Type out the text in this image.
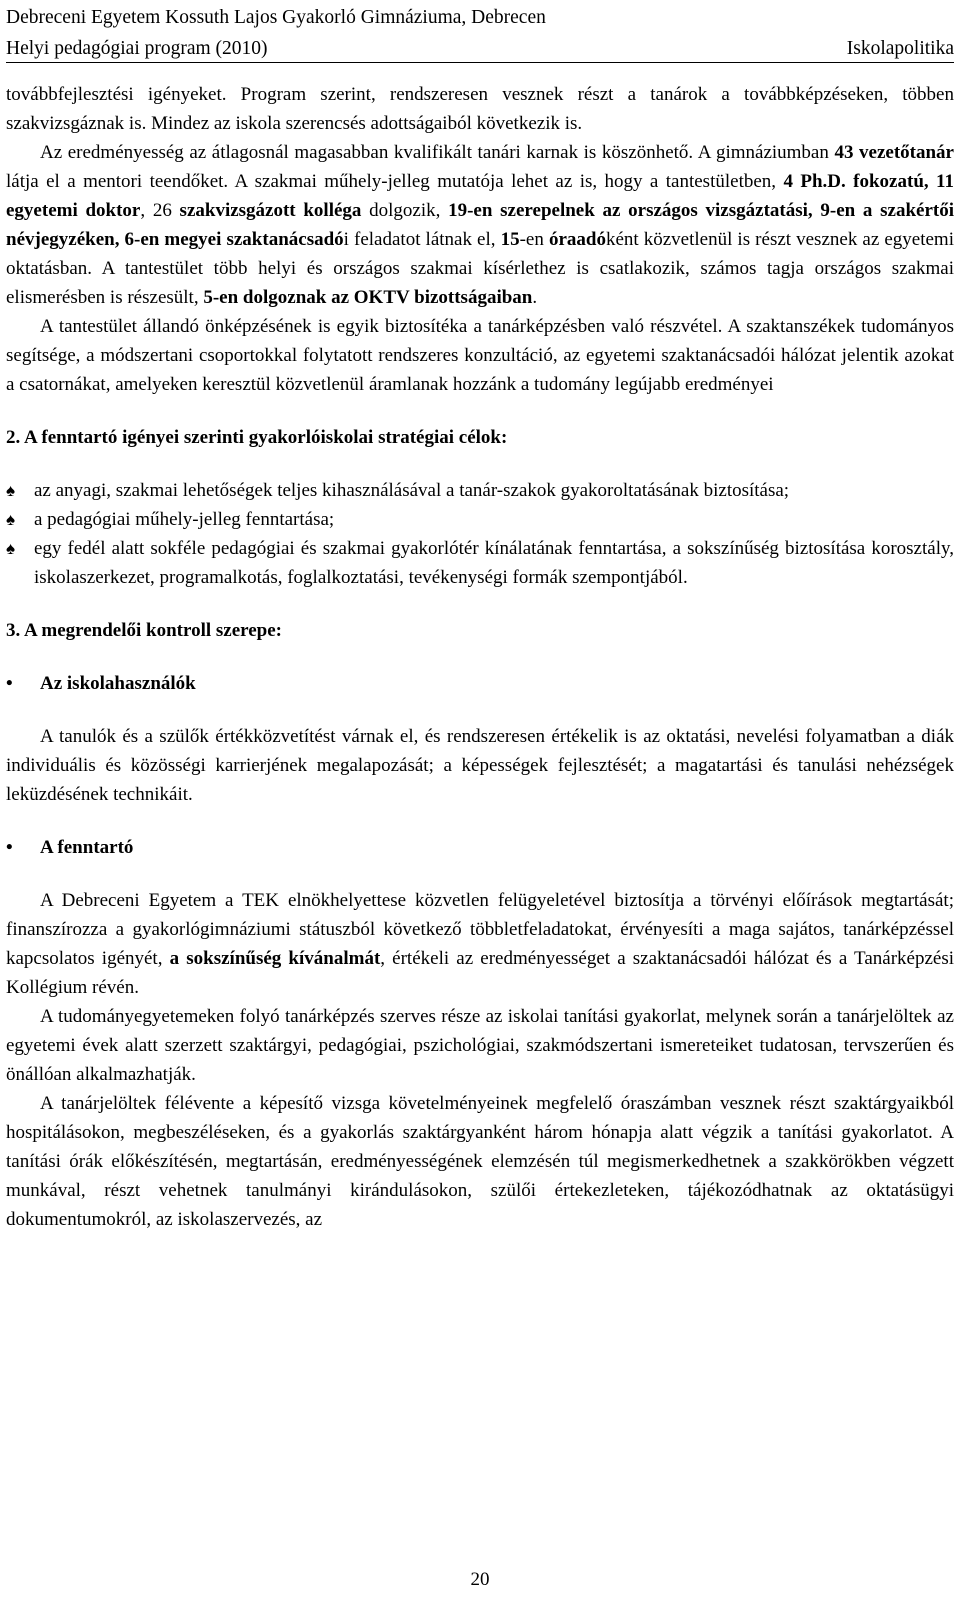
Debreceni Egyetem Kossuth Lajos Gyakorló Gimnáziuma, Debrecen
Helyi pedagógiai program (2010)	Iskolapolitika

továbbfejlesztési igényeket. Program szerint, rendszeresen vesznek részt a tanárok a továbbképzéseken, többen szakvizsgáznak is. Mindez az iskola szerencsés adottságaiból következik is.

Az eredményesség az átlagosnál magasabban kvalifikált tanári karnak is köszönhető. A gimnáziumban 43 vezetőtanár látja el a mentori teendőket. A szakmai műhely-jelleg mutatója lehet az is, hogy a tantestületben, 4 Ph.D. fokozatú, 11 egyetemi doktor, 26 szakvizsgázott kolléga dolgozik, 19-en szerepelnek az országos vizsgáztatási, 9-en a szakértői névjegyzéken, 6-en megyei szaktanácsadói feladatot látnak el, 15-en óraadóként közvetlenül is részt vesznek az egyetemi oktatásban. A tantestület több helyi és országos szakmai kísérlethez is csatlakozik, számos tagja országos szakmai elismerésben is részesült, 5-en dolgoznak az OKTV bizottságaiban.

A tantestület állandó önképzésének is egyik biztosítéka a tanárképzésben való részvétel. A szaktanszékek tudományos segítsége, a módszertani csoportokkal folytatott rendszeres konzultáció, az egyetemi szaktanácsadói hálózat jelentik azokat a csatornákat, amelyeken keresztül közvetlenül áramlanak hozzánk a tudomány legújabb eredményei

2. A fenntartó igényei szerinti gyakorlóiskolai stratégiai célok:

♠ az anyagi, szakmai lehetőségek teljes kihasználásával a tanár-szakok gyakoroltatásának biztosítása;
♠ a pedagógiai műhely-jelleg fenntartása;
♠ egy fedél alatt sokféle pedagógiai és szakmai gyakorlótér kínálatának fenntartása, a sokszínűség biztosítása korosztály, iskolaszerkezet, programalkotás, foglalkoztatási, tevékenységi formák szempontjából.

3. A megrendelői kontroll szerepe:

• Az iskolahasználók

A tanulók és a szülők értékközvetítést várnak el, és rendszeresen értékelik is az oktatási, nevelési folyamatban a diák individuális és közösségi karrierjének megalapozását; a képességek fejlesztését; a magatartási és tanulási nehézségek leküzdésének technikáit.

• A fenntartó

A Debreceni Egyetem a TEK elnökhelyettese közvetlen felügyeletével biztosítja a törvényi előírások megtartását; finanszírozza a gyakorlógimnáziumi státuszból következő többletfeladatokat, érvényesíti a maga sajátos, tanárképzéssel kapcsolatos igényét, a sokszínűség kívánalmát, értékeli az eredményességet a szaktanácsadói hálózat és a Tanárképzési Kollégium révén.

A tudományegyetemeken folyó tanárképzés szerves része az iskolai tanítási gyakorlat, melynek során a tanárjelöltek az egyetemi évek alatt szerzett szaktárgyi, pedagógiai, pszichológiai, szakmódszertani ismereteiket tudatosan, tervszerűen és önállóan alkalmazhatják.

A tanárjelöltek félévente a képesítő vizsga követelményeinek megfelelő óraszámban vesznek részt szaktárgyaikból hospitálásokon, megbeszéléseken, és a gyakorlás szaktárgyanként három hónapja alatt végzik a tanítási gyakorlatot. A tanítási órák előkészítésén, megtartásán, eredményességének elemzésén túl megismerkedhetnek a szakkörökben végzett munkával, részt vehetnek tanulmányi kirándulásokon, szülői értekezleteken, tájékozódhatnak az oktatásügyi dokumentumokról, az iskolaszervezés, az

20
